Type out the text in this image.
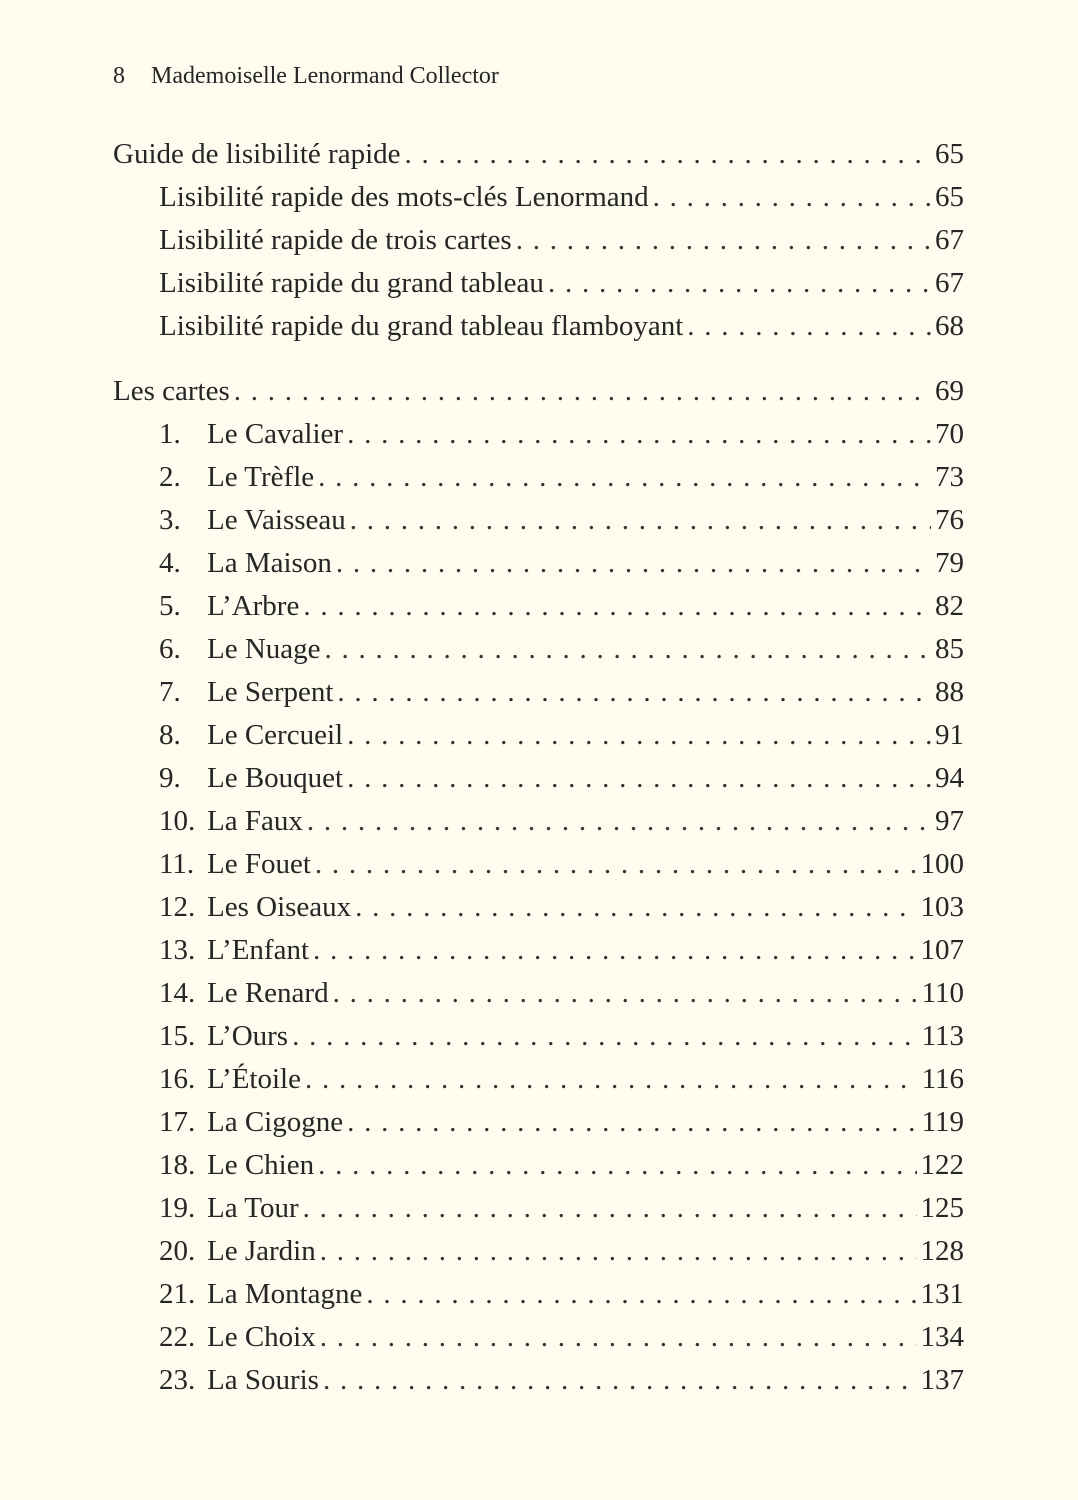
8 Mademoiselle Lenormand Collector
Guide de lisibilité rapide . . .	65
Lisibilité rapide des mots-clés Lenormand . . .	65
Lisibilité rapide de trois cartes . . .	67
Lisibilité rapide du grand tableau . . .	67
Lisibilité rapide du grand tableau flamboyant . . .	68
Les cartes . . .	69
1. Le Cavalier . . .	70
2. Le Trèfle . . .	73
3. Le Vaisseau . . .	76
4. La Maison . . .	79
5. L’Arbre . . .	82
6. Le Nuage . . .	85
7. Le Serpent . . .	88
8. Le Cercueil . . .	91
9. Le Bouquet . . .	94
10. La Faux . . .	97
11. Le Fouet . . .	100
12. Les Oiseaux . . .	103
13. L’Enfant . . .	107
14. Le Renard . . .	110
15. L’Ours . . .	113
16. L’Étoile . . .	116
17. La Cigogne . . .	119
18. Le Chien . . .	122
19. La Tour . . .	125
20. Le Jardin . . .	128
21. La Montagne . . .	131
22. Le Choix . . .	134
23. La Souris . . .	137
